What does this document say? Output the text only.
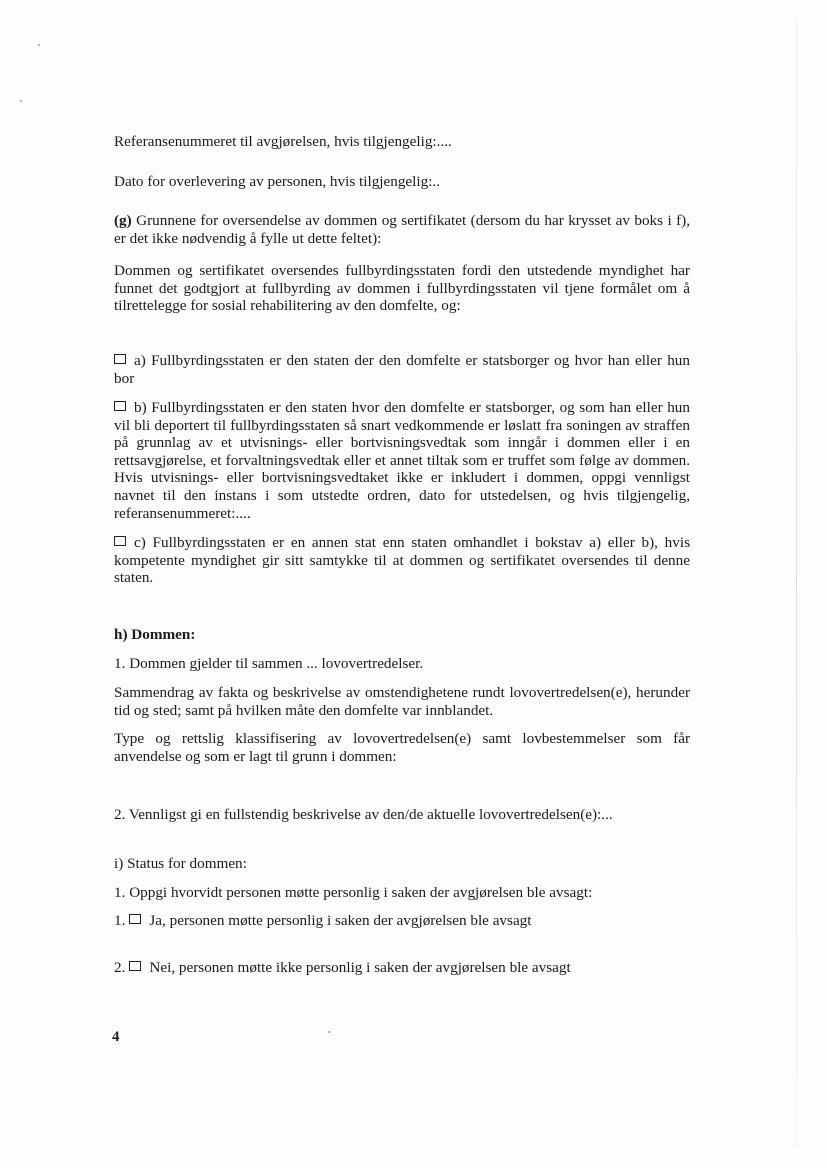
Referansenummeret til avgjørelsen, hvis tilgjengelig:....

Dato for overlevering av personen, hvis tilgjengelig:..

(g) Grunnene for oversendelse av dommen og sertifikatet (dersom du har krysset av boks i f), er det ikke nødvendig å fylle ut dette feltet):

Dommen og sertifikatet oversendes fullbyrdingsstaten fordi den utstedende myndighet har funnet det godtgjort at fullbyrding av dommen i fullbyrdingsstaten vil tjene formålet om å tilrettelegge for sosial rehabilitering av den domfelte, og:

a) Fullbyrdingsstaten er den staten der den domfelte er statsborger og hvor han eller hun bor

b) Fullbyrdingsstaten er den staten hvor den domfelte er statsborger, og som han eller hun vil bli deportert til fullbyrdingsstaten så snart vedkommende er løslatt fra soningen av straffen på grunnlag av et utvisnings- eller bortvisningsvedtak som inngår i dommen eller i en rettsavgjørelse, et forvaltningsvedtak eller et annet tiltak som er truffet som følge av dommen. Hvis utvisnings- eller bortvisningsvedtaket ikke er inkludert i dommen, oppgi vennligst navnet til den instans i som utstedte ordren, dato for utstedelsen, og hvis tilgjengelig, referansenummeret:....

c) Fullbyrdingsstaten er en annen stat enn staten omhandlet i bokstav a) eller b), hvis kompetente myndighet gir sitt samtykke til at dommen og sertifikatet oversendes til denne staten.

h) Dommen:

1. Dommen gjelder til sammen ... lovovertredelser.

Sammendrag av fakta og beskrivelse av omstendighetene rundt lovovertredelsen(e), herunder tid og sted; samt på hvilken måte den domfelte var innblandet.

Type og rettslig klassifisering av lovovertredelsen(e) samt lovbestemmelser som får anvendelse og som er lagt til grunn i dommen:

2. Vennligst gi en fullstendig beskrivelse av den/de aktuelle lovovertredelsen(e):...

i) Status for dommen:

1. Oppgi hvorvidt personen møtte personlig i saken der avgjørelsen ble avsagt:

1. Ja, personen møtte personlig i saken der avgjørelsen ble avsagt

2. Nei, personen møtte ikke personlig i saken der avgjørelsen ble avsagt

4
